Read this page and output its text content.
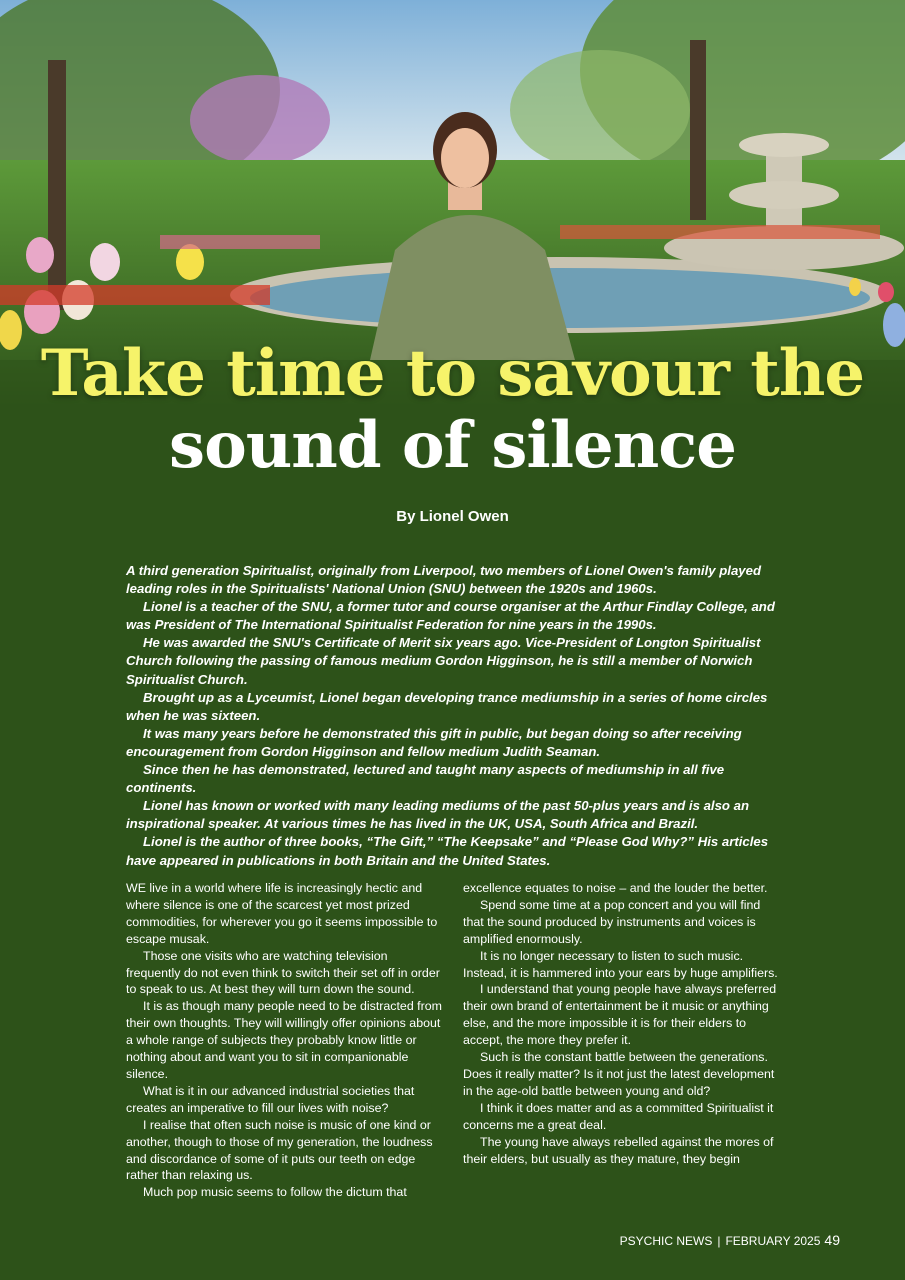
Take time to savour the
sound of silence
By Lionel Owen

A third generation Spiritualist, originally from Liverpool, two members of Lionel Owen's family played leading roles in the Spiritualists' National Union (SNU) between the 1920s and 1960s.

Lionel is a teacher of the SNU, a former tutor and course organiser at the Arthur Findlay College, and was President of The International Spiritualist Federation for nine years in the 1990s.

He was awarded the SNU's Certificate of Merit six years ago. Vice-President of Longton Spiritualist Church following the passing of famous medium Gordon Higginson, he is still a member of Norwich Spiritualist Church.

Brought up as a Lyceumist, Lionel began developing trance mediumship in a series of home circles when he was sixteen.

It was many years before he demonstrated this gift in public, but began doing so after receiving encouragement from Gordon Higginson and fellow medium Judith Seaman.

Since then he has demonstrated, lectured and taught many aspects of mediumship in all five continents.

Lionel has known or worked with many leading mediums of the past 50-plus years and is also an inspirational speaker. At various times he has lived in the UK, USA, South Africa and Brazil.

Lionel is the author of three books, “The Gift,” “The Keepsake” and “Please God Why?” His articles have appeared in publications in both Britain and the United States.

WE live in a world where life is increasingly hectic and where silence is one of the scarcest yet most prized commodities, for wherever you go it seems impossible to escape musak.

Those one visits who are watching television frequently do not even think to switch their set off in order to speak to us. At best they will turn down the sound.

It is as though many people need to be distracted from their own thoughts. They will willingly offer opinions about a whole range of subjects they probably know little or nothing about and want you to sit in companionable silence.

What is it in our advanced industrial societies that creates an imperative to fill our lives with noise?

I realise that often such noise is music of one kind or another, though to those of my generation, the loudness and discordance of some of it puts our teeth on edge rather than relaxing us.

Much pop music seems to follow the dictum that

excellence equates to noise – and the louder the better.

Spend some time at a pop concert and you will find that the sound produced by instruments and voices is amplified enormously.

It is no longer necessary to listen to such music. Instead, it is hammered into your ears by huge amplifiers.

I understand that young people have always preferred their own brand of entertainment be it music or anything else, and the more impossible it is for their elders to accept, the more they prefer it.

Such is the constant battle between the generations. Does it really matter? Is it not just the latest development in the age-old battle between young and old?

I think it does matter and as a committed Spiritualist it concerns me a great deal.

The young have always rebelled against the mores of their elders, but usually as they mature, they begin

PSYCHIC NEWS | FEBRUARY 2025 49
